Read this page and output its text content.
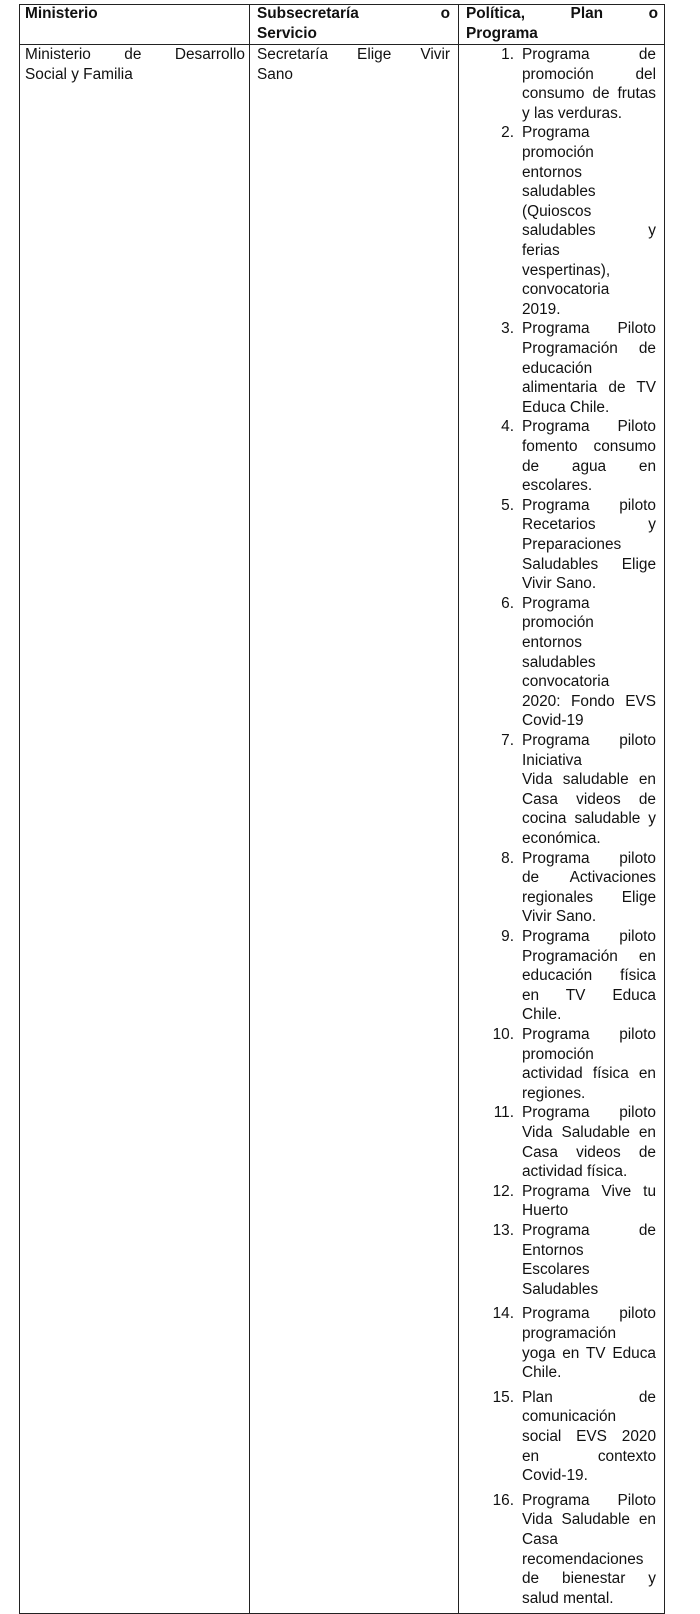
Ministerio	Subsecretaría o
Servicio
Política, Plan o
Programa
Ministerio de Desarrollo
Social y Familia
Secretaría Elige Vivir
Sano
1. Programa de
promoción del
consumo de frutas
y las verduras.
2. Programa
promoción
entornos
saludables
(Quioscos
saludables y
ferias
vespertinas),
convocatoria
2019.
3. Programa Piloto
Programación de
educación
alimentaria de TV
Educa Chile.
4. Programa Piloto
fomento consumo
de agua en
escolares.
5. Programa piloto
Recetarios y
Preparaciones
Saludables Elige
Vivir Sano.
6. Programa
promoción
entornos
saludables
convocatoria
2020: Fondo EVS
Covid-19
7. Programa piloto
Iniciativa
Vida saludable en
Casa videos de
cocina saludable y
económica.
8. Programa piloto
de Activaciones
regionales Elige
Vivir Sano.
9. Programa piloto
Programación en
educación física
en TV Educa
Chile.
10. Programa piloto
promoción
actividad física en
regiones.
11. Programa piloto
Vida Saludable en
Casa videos de
actividad física.
12. Programa Vive tu
Huerto
13. Programa de
Entornos
Escolares
Saludables
14. Programa piloto
programación
yoga en TV Educa
Chile.
15. Plan de
comunicación
social EVS 2020
en contexto
Covid-19.
16. Programa Piloto
Vida Saludable en
Casa
recomendaciones
de bienestar y
salud mental.
